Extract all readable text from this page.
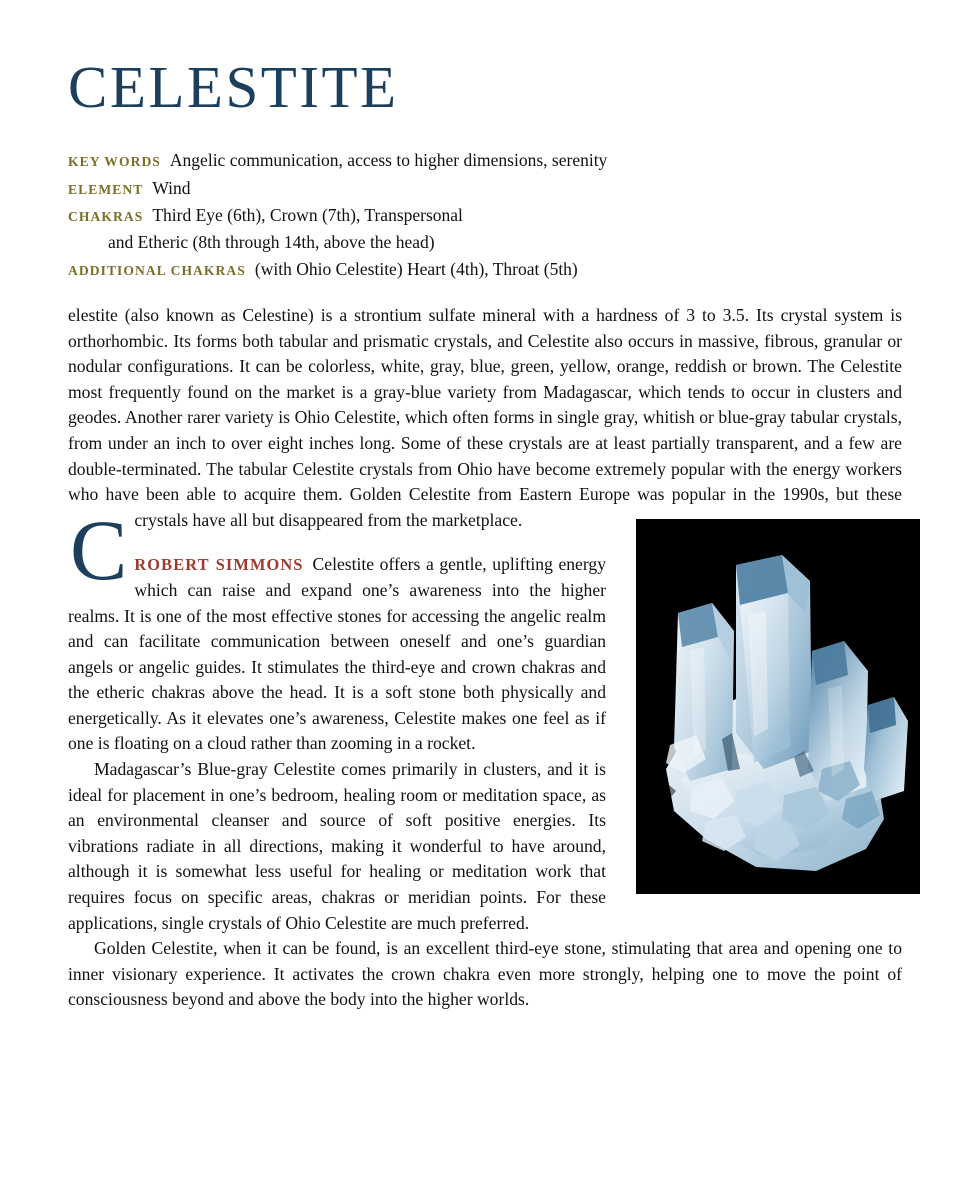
CELESTITE
KEY WORDS Angelic communication, access to higher dimensions, serenity
ELEMENT Wind
CHAKRAS Third Eye (6th), Crown (7th), Transpersonal
and Etheric (8th through 14th, above the head)
ADDITIONAL CHAKRAS (with Ohio Celestite) Heart (4th), Throat (5th)

C
elestite (also known as Celestine) is a strontium sulfate mineral with a hardness of 3 to 3.5. Its crystal system is orthorhombic. Its forms both tabular and prismatic crystals, and Celestite also occurs in massive, fibrous, granular or nodular configurations. It can be colorless, white, gray, blue, green, yellow, orange, reddish or brown. The Celestite most frequently found on the market is a gray-blue variety from Madagascar, which tends to occur in clusters and geodes. Another rarer variety is Ohio Celestite, which often forms in single gray, whitish or blue-gray tabular crystals, from under an inch to over eight inches long. Some of these crystals are at least partially transparent, and a few are double-terminated. The tabular Celestite crystals from Ohio have become extremely popular with the energy workers who have been able to acquire them. Golden Celestite from Eastern Europe was popular in the 1990s, but these crystals have all but disappeared from the marketplace.

ROBERT SIMMONS Celestite offers a gentle, uplifting energy which can raise and expand one’s awareness into the higher realms. It is one of the most effective stones for accessing the angelic realm and can facilitate communication between oneself and one’s guardian angels or angelic guides. It stimulates the third-eye and crown chakras and the etheric chakras above the head. It is a soft stone both physically and energetically. As it elevates one’s awareness, Celestite makes one feel as if one is floating on a cloud rather than zooming in a rocket.

Madagascar’s Blue-gray Celestite comes primarily in clusters, and it is ideal for placement in one’s bedroom, healing room or meditation space, as an environmental cleanser and source of soft positive energies. Its vibrations radiate in all directions, making it wonderful to have around, although it is somewhat less useful for healing or meditation work that requires focus on specific areas, chakras or meridian points. For these applications, single crystals of Ohio Celestite are much preferred.

Golden Celestite, when it can be found, is an excellent third-eye stone, stimulating that area and opening one to inner visionary experience. It activates the crown chakra even more strongly, helping one to move the point of consciousness beyond and above the body into the higher worlds.
